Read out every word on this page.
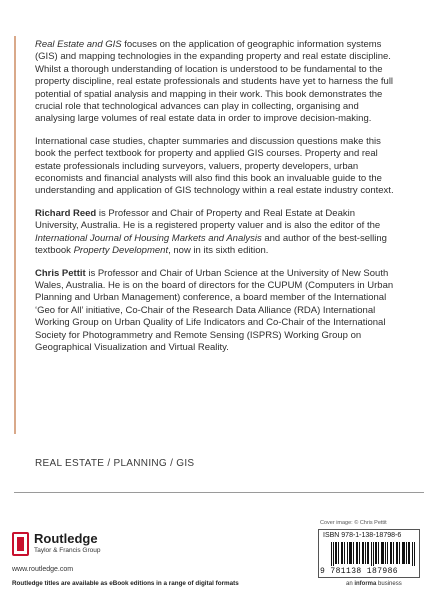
Real Estate and GIS focuses on the application of geographic information systems (GIS) and mapping technologies in the expanding property and real estate discipline. Whilst a thorough understanding of location is understood to be fundamental to the property discipline, real estate professionals and students have yet to harness the full potential of spatial analysis and mapping in their work. This book demonstrates the crucial role that technological advances can play in collecting, organising and analysing large volumes of real estate data in order to improve decision-making.

International case studies, chapter summaries and discussion questions make this book the perfect textbook for property and applied GIS courses. Property and real estate professionals including surveyors, valuers, property developers, urban economists and financial analysts will also find this book an invaluable guide to the understanding and application of GIS technology within a real estate industry context.

Richard Reed is Professor and Chair of Property and Real Estate at Deakin University, Australia. He is a registered property valuer and is also the editor of the International Journal of Housing Markets and Analysis and author of the best-selling textbook Property Development, now in its sixth edition.

Chris Pettit is Professor and Chair of Urban Science at the University of New South Wales, Australia. He is on the board of directors for the CUPUM (Computers in Urban Planning and Urban Management) conference, a board member of the International ‘Geo for All’ initiative, Co-Chair of the Research Data Alliance (RDA) International Working Group on Urban Quality of Life Indicators and Co-Chair of the International Society for Photogrammetry and Remote Sensing (ISPRS) Working Group on Geographical Visualization and Virtual Reality.

REAL ESTATE / PLANNING / GIS
Routledge
Taylor & Francis Group
www.routledge.com
Routledge titles are available as eBook editions in a range of digital formats
Cover image: © Chris Pettit
ISBN 978-1-138-18798-6
9 781138 187986
an informa business
